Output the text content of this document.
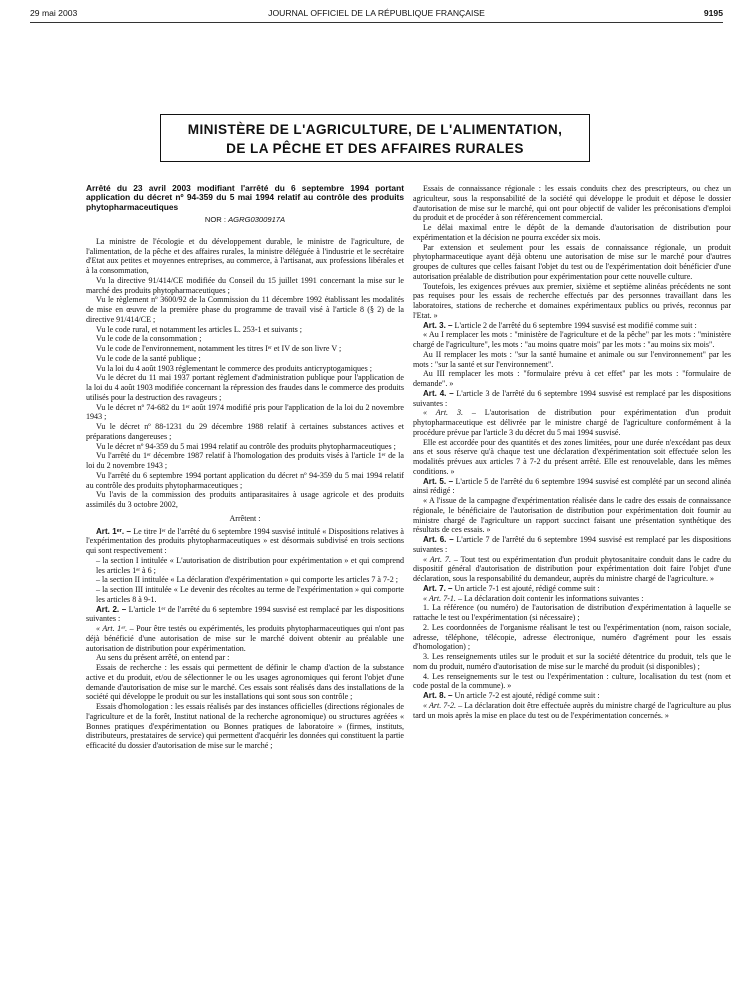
29 mai 2003	JOURNAL OFFICIEL DE LA RÉPUBLIQUE FRANÇAISE	9195
MINISTÈRE DE L'AGRICULTURE, DE L'ALIMENTATION,
DE LA PÊCHE ET DES AFFAIRES RURALES

Arrêté du 23 avril 2003 modifiant l'arrêté du 6 septembre 1994 portant application du décret nº 94-359 du 5 mai 1994 relatif au contrôle des produits phytopharmaceutiques

NOR : AGRG0300917A

La ministre de l'écologie et du développement durable, le ministre de l'agriculture, de l'alimentation, de la pêche et des affaires rurales, la ministre déléguée à l'industrie et le secrétaire d'Etat aux petites et moyennes entreprises, au commerce, à l'artisanat, aux professions libérales et à la consommation,

Vu la directive 91/414/CE modifiée du Conseil du 15 juillet 1991 concernant la mise sur le marché des produits phytopharmaceutiques ;

Vu le règlement nº 3600/92 de la Commission du 11 décembre 1992 établissant les modalités de mise en œuvre de la première phase du programme de travail visé à l'article 8 (§ 2) de la directive 91/414/CE ;

Vu le code rural, et notamment les articles L. 253-1 et suivants ;

Vu le code de la consommation ;

Vu le code de l'environnement, notamment les titres Iᵉʳ et IV de son livre V ;

Vu le code de la santé publique ;

Vu la loi du 4 août 1903 réglementant le commerce des produits anticryptogamiques ;

Vu le décret du 11 mai 1937 portant règlement d'administration publique pour l'application de la loi du 4 août 1903 modifiée concernant la répression des fraudes dans le commerce des produits utilisés pour la destruction des ravageurs ;

Vu le décret nº 74-682 du 1ᵉʳ août 1974 modifié pris pour l'application de la loi du 2 novembre 1943 ;

Vu le décret nº 88-1231 du 29 décembre 1988 relatif à certaines substances actives et préparations dangereuses ;

Vu le décret nº 94-359 du 5 mai 1994 relatif au contrôle des produits phytopharmaceutiques ;

Vu l'arrêté du 1ᵉʳ décembre 1987 relatif à l'homologation des produits visés à l'article 1ᵉʳ de la loi du 2 novembre 1943 ;

Vu l'arrêté du 6 septembre 1994 portant application du décret nº 94-359 du 5 mai 1994 relatif au contrôle des produits phytopharmaceutiques ;

Vu l'avis de la commission des produits antiparasitaires à usage agricole et des produits assimilés du 3 octobre 2002,

Arrêtent :

Art. 1ᵉʳ. – Le titre Iᵉʳ de l'arrêté du 6 septembre 1994 susvisé intitulé « Dispositions relatives à l'expérimentation des produits phytopharmaceutiques » est désormais subdivisé en trois sections qui sont respectivement :

– la section I intitulée « L'autorisation de distribution pour expérimentation » et qui comprend les articles 1ᵉʳ à 6 ;

– la section II intitulée « La déclaration d'expérimentation » qui comporte les articles 7 à 7-2 ;

– la section III intitulée « Le devenir des récoltes au terme de l'expérimentation » qui comporte les articles 8 à 9-1.

Art. 2. – L'article 1ᵉʳ de l'arrêté du 6 septembre 1994 susvisé est remplacé par les dispositions suivantes :

« Art. 1ᵉʳ. – Pour être testés ou expérimentés, les produits phytopharmaceutiques qui n'ont pas déjà bénéficié d'une autorisation de mise sur le marché doivent obtenir au préalable une autorisation de distribution pour expérimentation.

Au sens du présent arrêté, on entend par :

Essais de recherche : les essais qui permettent de définir le champ d'action de la substance active et du produit, et/ou de sélectionner le ou les usages agronomiques qui feront l'objet d'une demande d'autorisation de mise sur le marché. Ces essais sont réalisés dans des installations de la société qui développe le produit ou sur les installations qui sont sous son contrôle ;

Essais d'homologation : les essais réalisés par des instances officielles (directions régionales de l'agriculture et de la forêt, Institut national de la recherche agronomique) ou structures agréées « Bonnes pratiques d'expérimentation ou Bonnes pratiques de laboratoire » (firmes, instituts, distributeurs, prestataires de service) qui permettent d'acquérir les données qui constituent la partie efficacité du dossier d'autorisation de mise sur le marché ;

Essais de connaissance régionale : les essais conduits chez des prescripteurs, ou chez un agriculteur, sous la responsabilité de la société qui développe le produit et dépose le dossier d'autorisation de mise sur le marché, qui ont pour objectif de valider les préconisations d'emploi du produit et de procéder à son référencement commercial.

Le délai maximal entre le dépôt de la demande d'autorisation de distribution pour expérimentation et la décision ne pourra excéder six mois.

Par extension et seulement pour les essais de connaissance régionale, un produit phytopharmaceutique ayant déjà obtenu une autorisation de mise sur le marché pour d'autres groupes de cultures que celles faisant l'objet du test ou de l'expérimentation doit bénéficier d'une autorisation préalable de distribution pour expérimentation pour cette nouvelle culture.

Toutefois, les exigences prévues aux premier, sixième et septième alinéas précédents ne sont pas requises pour les essais de recherche effectués par des personnes travaillant dans les laboratoires, stations de recherche et domaines expérimentaux publics ou privés, reconnus par l'Etat. »

Art. 3. – L'article 2 de l'arrêté du 6 septembre 1994 susvisé est modifié comme suit :

« Au I remplacer les mots : "ministère de l'agriculture et de la pêche" par les mots : "ministère chargé de l'agriculture", les mots : "au moins quatre mois" par les mots : "au moins six mois".

Au II remplacer les mots : "sur la santé humaine et animale ou sur l'environnement" par les mots : "sur la santé et sur l'environnement".

Au III remplacer les mots : "formulaire prévu à cet effet" par les mots : "formulaire de demande". »

Art. 4. – L'article 3 de l'arrêté du 6 septembre 1994 susvisé est remplacé par les dispositions suivantes :

« Art. 3. – L'autorisation de distribution pour expérimentation d'un produit phytopharmaceutique est délivrée par le ministre chargé de l'agriculture conformément à la procédure prévue par l'article 3 du décret du 5 mai 1994 susvisé.

Elle est accordée pour des quantités et des zones limitées, pour une durée n'excédant pas deux ans et sous réserve qu'à chaque test une déclaration d'expérimentation soit effectuée selon les modalités prévues aux articles 7 à 7-2 du présent arrêté. Elle est renouvelable, dans les mêmes conditions. »

Art. 5. – L'article 5 de l'arrêté du 6 septembre 1994 susvisé est complété par un second alinéa ainsi rédigé :

« A l'issue de la campagne d'expérimentation réalisée dans le cadre des essais de connaissance régionale, le bénéficiaire de l'autorisation de distribution pour expérimentation doit fournir au ministre chargé de l'agriculture un rapport succinct faisant une présentation synthétique des résultats de ces essais. »

Art. 6. – L'article 7 de l'arrêté du 6 septembre 1994 susvisé est remplacé par les dispositions suivantes :

« Art. 7. – Tout test ou expérimentation d'un produit phytosanitaire conduit dans le cadre du dispositif général d'autorisation de distribution pour expérimentation doit faire l'objet d'une déclaration, sous la responsabilité du demandeur, auprès du ministre chargé de l'agriculture. »

Art. 7. – Un article 7-1 est ajouté, rédigé comme suit :

« Art. 7-1. – La déclaration doit contenir les informations suivantes :

1. La référence (ou numéro) de l'autorisation de distribution d'expérimentation à laquelle se rattache le test ou l'expérimentation (si nécessaire) ;

2. Les coordonnées de l'organisme réalisant le test ou l'expérimentation (nom, raison sociale, adresse, téléphone, télécopie, adresse électronique, numéro d'agrément pour les essais d'homologation) ;

3. Les renseignements utiles sur le produit et sur la société détentrice du produit, tels que le nom du produit, numéro d'autorisation de mise sur le marché du produit (si disponibles) ;

4. Les renseignements sur le test ou l'expérimentation : culture, localisation du test (nom et code postal de la commune). »

Art. 8. – Un article 7-2 est ajouté, rédigé comme suit :

« Art. 7-2. – La déclaration doit être effectuée auprès du ministre chargé de l'agriculture au plus tard un mois après la mise en place du test ou de l'expérimentation concernés. »
